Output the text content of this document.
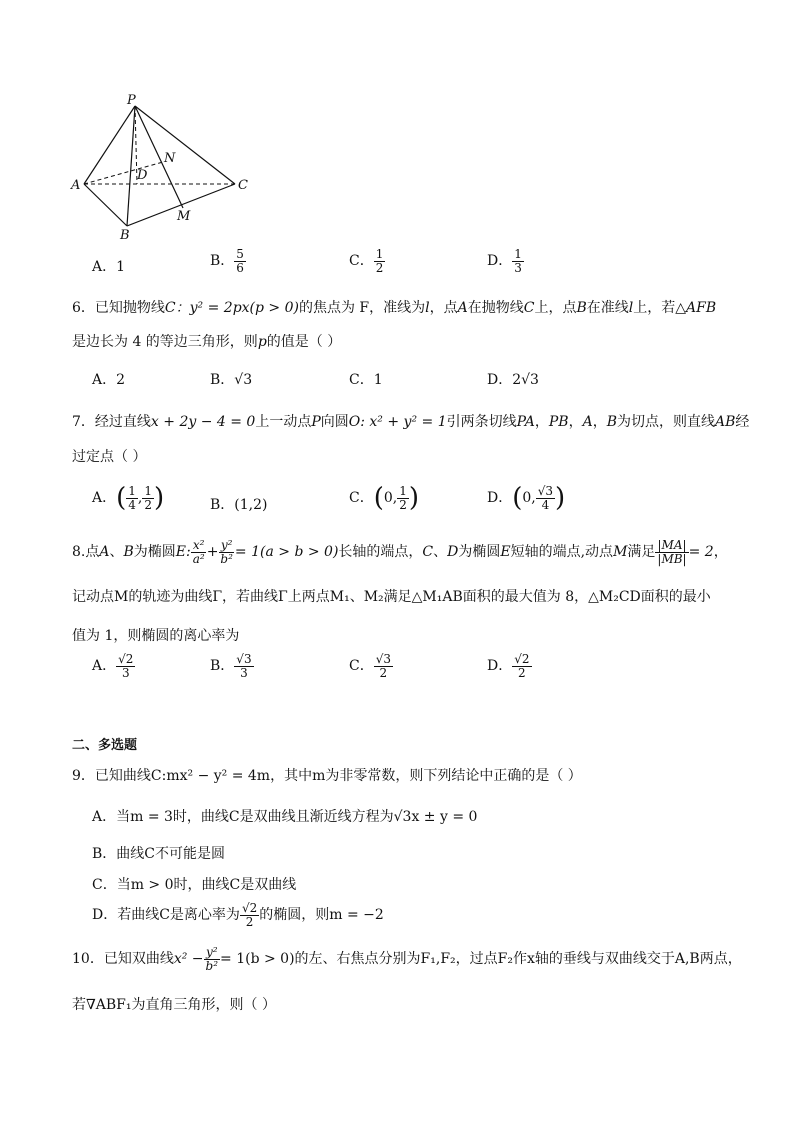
P
N
D
A	C
M
B
A．1	B． $\frac{5}{6}$	C． $\frac{1}{2}$	D． $\frac{1}{3}$
6．已知抛物线C：y² = 2px(p > 0)的焦点为 F，准线为l，点A在抛物线C上，点B在准线l上，若△AFB
是边长为 4 的等边三角形，则p的值是（ ）
A．2	B．√3	C．1	D．2√3
7．经过直线x + 2y − 4 = 0上一动点P向圆O: x² + y² = 1引两条切线PA，PB，A，B为切点，则直线AB经
过定点（ ）
A．( $\frac{1}{4}$ , $\frac{1}{2}$ )	B．(1,2)	C．(0, $\frac{1}{2}$ )	D．(0, $\frac{√3}{4}$ )
8.点A、B为椭圆E: $\frac{\text{x²}}{\text{a²}} + \frac{\text{y²}}{\text{b²}} = 1(a > b > 0)$长轴的端点，C、D为椭圆E短轴的端点,动点M满足 $\frac{|MA|}{|MB|} = 2$，
记动点M的轨迹为曲线Γ，若曲线Γ上两点M₁、M₂满足△M₁AB面积的最大值为 8，△M₂CD面积的最小
值为 1，则椭圆的离心率为
A． $\frac{√2}{3}$	B． $\frac{√3}{3}$	C． $\frac{√3}{2}$	D． $\frac{√2}{2}$
二、多选题
9．已知曲线C:mx² − y² = 4m，其中m为非零常数，则下列结论中正确的是（ ）
A．当m = 3时，曲线C是双曲线且渐近线方程为√3x ± y = 0
B．曲线C不可能是圆
C．当m > 0时，曲线C是双曲线
D．若曲线C是离心率为 $\frac{√2}{2}$ 的椭圆，则m = −2
10．已知双曲线$x^2 - \frac{\text{y²}}{\text{b²}} = 1(b > 0)$的左、右焦点分别为F₁,F₂，过点F₂作x轴的垂线与双曲线交于A,B两点，
若∇ABF₁为直角三角形，则（ ）
